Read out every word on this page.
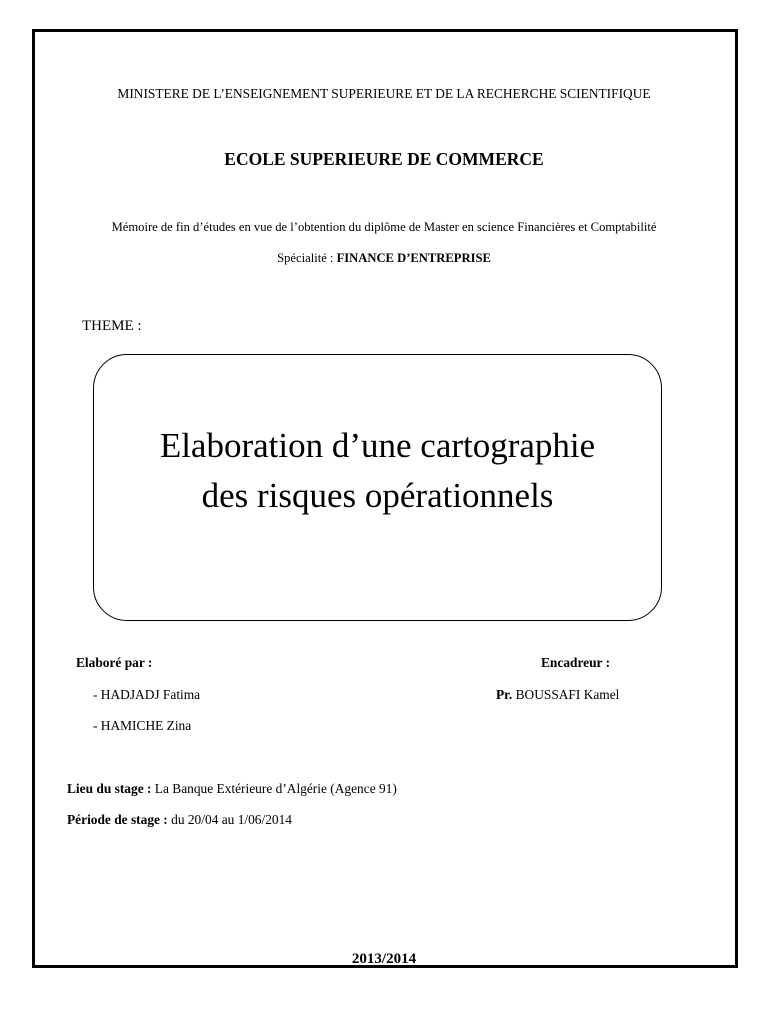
MINISTERE DE L’ENSEIGNEMENT SUPERIEURE ET DE LA RECHERCHE SCIENTIFIQUE
ECOLE SUPERIEURE DE COMMERCE
Mémoire de fin d’études en vue de l’obtention du diplôme de Master en science Financières et Comptabilité
Spécialité : FINANCE D’ENTREPRISE
THEME :
Elaboration d’une cartographie
des risques opérationnels
Elaboré par :	Encadreur :
- HADJADJ Fatima
- HAMICHE Zina
Pr. BOUSSAFI Kamel
Lieu du stage : La Banque Extérieure d’Algérie (Agence 91)
Période de stage : du 20/04 au 1/06/2014
2013/2014
